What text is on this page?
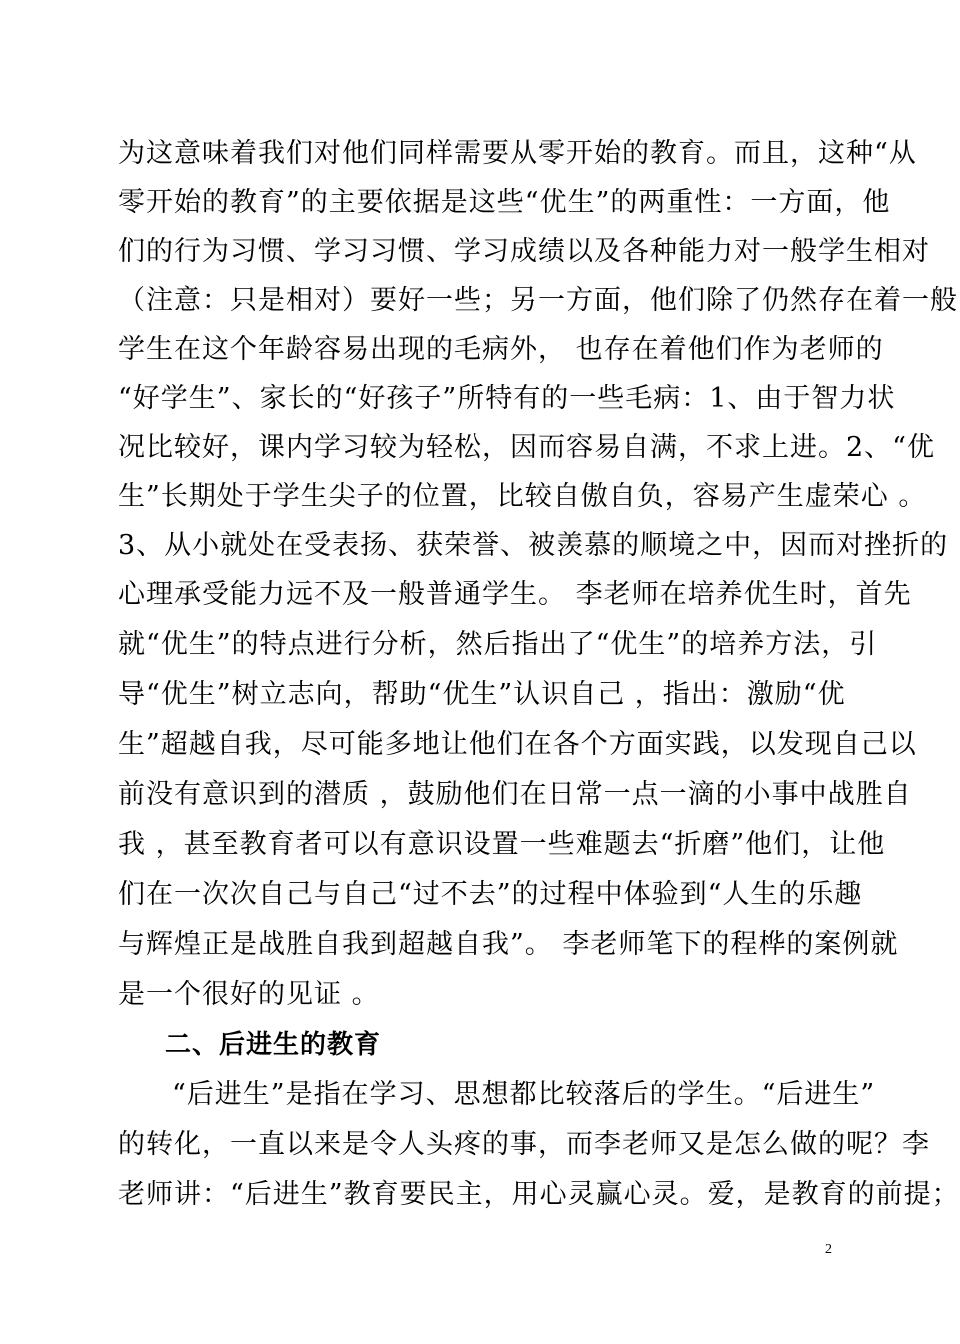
为这意味着我们对他们同样需要从零开始的教育。而且，这种“从
零开始的教育”的主要依据是这些“优生”的两重性：一方面，他
们的行为习惯、学习习惯、学习成绩以及各种能力对一般学生相对
（注意：只是相对）要好一些；另一方面，他们除了仍然存在着一般
学生在这个年龄容易出现的毛病外， 也存在着他们作为老师的
“好学生”、家长的“好孩子”所特有的一些毛病：1、由于智力状
况比较好，课内学习较为轻松，因而容易自满，不求上进。2、“优
生”长期处于学生尖子的位置，比较自傲自负，容易产生虚荣心 。
3、从小就处在受表扬、获荣誉、被羡慕的顺境之中，因而对挫折的
心理承受能力远不及一般普通学生。 李老师在培养优生时，首先
就“优生”的特点进行分析，然后指出了“优生”的培养方法，引
导“优生”树立志向，帮助“优生”认识自己 ，指出：激励“优
生”超越自我，尽可能多地让他们在各个方面实践，以发现自己以
前没有意识到的潜质 ，鼓励他们在日常一点一滴的小事中战胜自
我 ，甚至教育者可以有意识设置一些难题去“折磨”他们，让他
们在一次次自己与自己“过不去”的过程中体验到“人生的乐趣
与辉煌正是战胜自我到超越自我”。 李老师笔下的程桦的案例就
是一个很好的见证 。
二、后进生的教育
“后进生”是指在学习、思想都比较落后的学生。“后进生”
的转化，一直以来是令人头疼的事，而李老师又是怎么做的呢？李
老师讲：“后进生”教育要民主，用心灵赢心灵。爱，是教育的前提；
2
